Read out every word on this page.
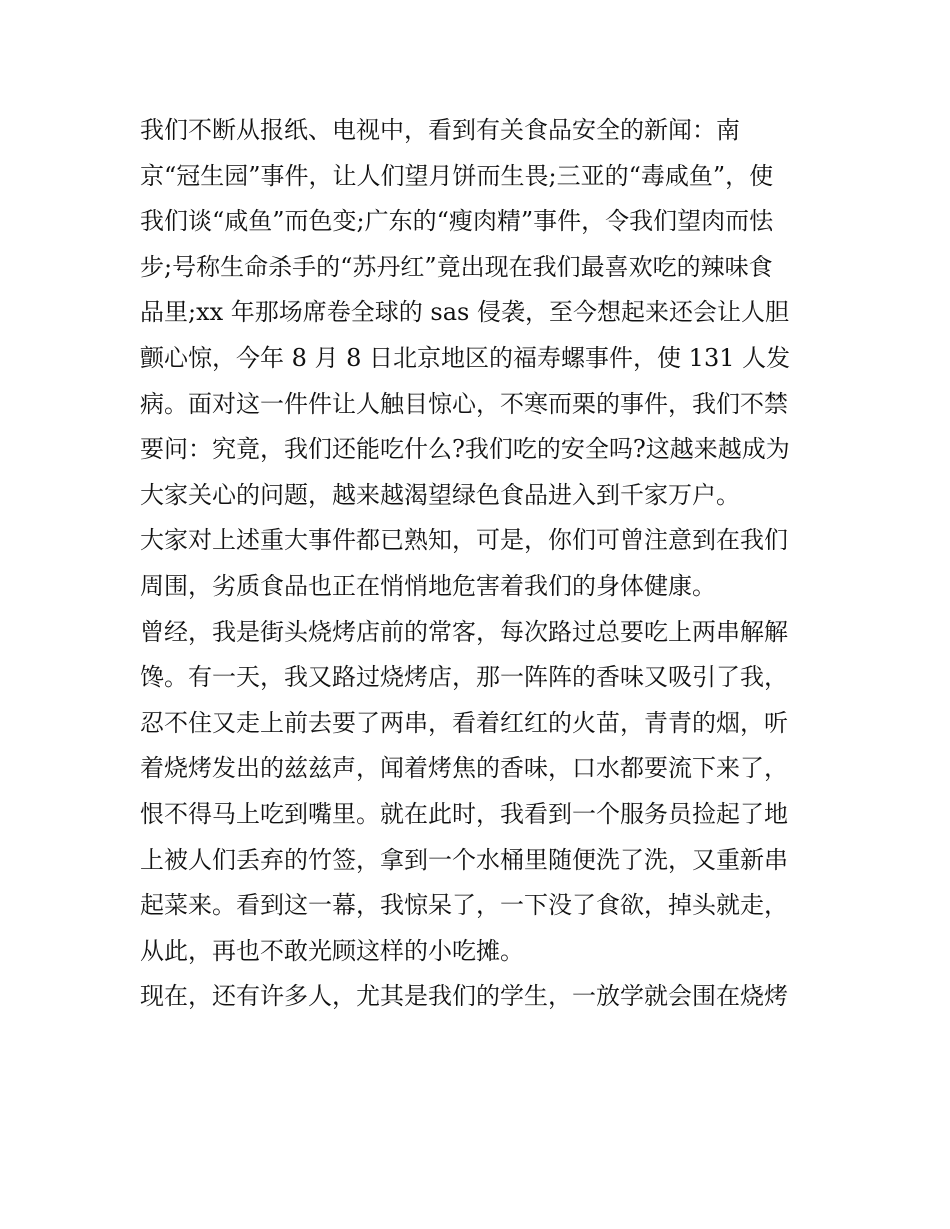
我们不断从报纸、电视中，看到有关食品安全的新闻：南
京“冠生园”事件，让人们望月饼而生畏;三亚的“毒咸鱼”，使
我们谈“咸鱼”而色变;广东的“瘦肉精”事件，令我们望肉而怯
步;号称生命杀手的“苏丹红”竟出现在我们最喜欢吃的辣味食
品里;xx 年那场席卷全球的 sas 侵袭，至今想起来还会让人胆
颤心惊，今年 8 月 8 日北京地区的福寿螺事件，使 131 人发
病。面对这一件件让人触目惊心，不寒而栗的事件，我们不禁
要问：究竟，我们还能吃什么?我们吃的安全吗?这越来越成为
大家关心的问题，越来越渴望绿色食品进入到千家万户。
大家对上述重大事件都已熟知，可是，你们可曾注意到在我们
周围，劣质食品也正在悄悄地危害着我们的身体健康。
曾经，我是街头烧烤店前的常客，每次路过总要吃上两串解解
馋。有一天，我又路过烧烤店，那一阵阵的香味又吸引了我，
忍不住又走上前去要了两串，看着红红的火苗，青青的烟，听
着烧烤发出的兹兹声，闻着烤焦的香味，口水都要流下来了，
恨不得马上吃到嘴里。就在此时，我看到一个服务员捡起了地
上被人们丢弃的竹签，拿到一个水桶里随便洗了洗，又重新串
起菜来。看到这一幕，我惊呆了，一下没了食欲，掉头就走，
从此，再也不敢光顾这样的小吃摊。
现在，还有许多人，尤其是我们的学生，一放学就会围在烧烤
